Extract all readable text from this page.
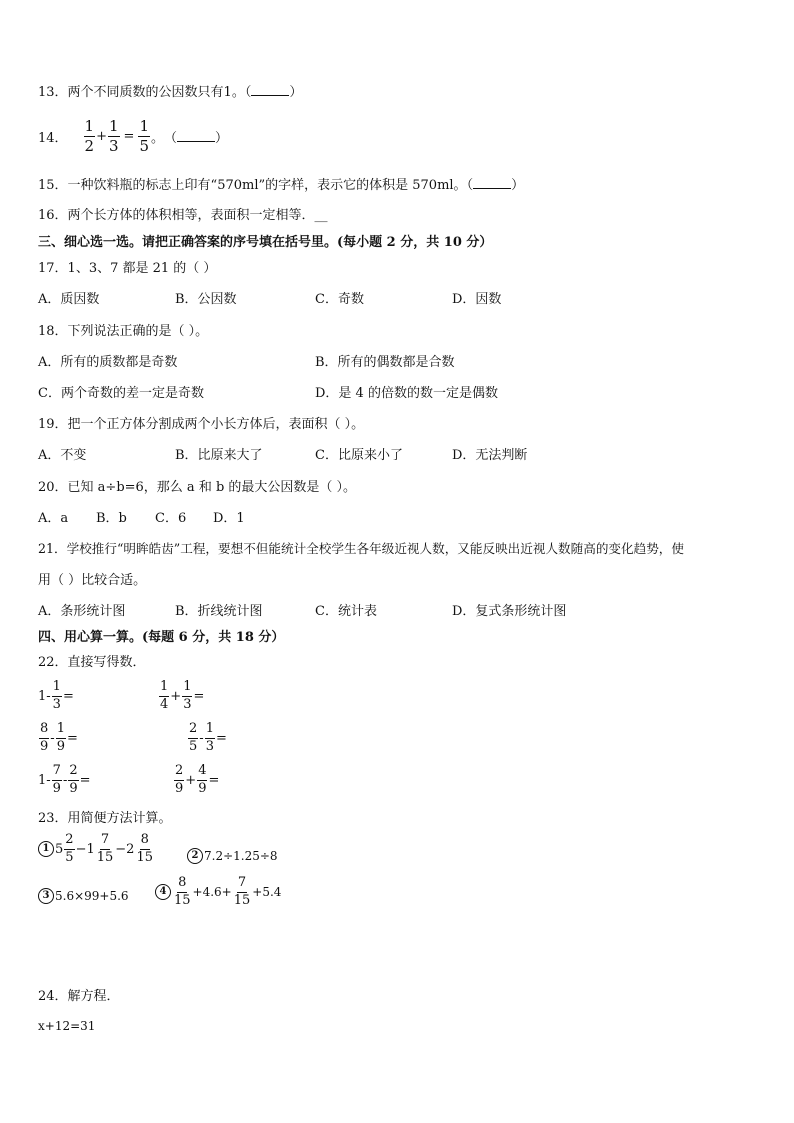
13．两个不同质数的公因数只有1。（	）
14． $\frac{1}{2} + \frac{1}{3} = \frac{1}{5}$ 。 （	）
15．一种饮料瓶的标志上印有“570ml”的字样，表示它的体积是 570ml。（	）
16．两个长方体的体积相等，表面积一定相等．__
三、细心选一选。请把正确答案的序号填在括号里。(每小题 2 分，共 10 分）
17．1、3、7 都是 21 的（ ）
A．质因数	B．公因数	C．奇数	D．因数
18．下列说法正确的是（ ）。
A．所有的质数都是奇数	B．所有的偶数都是合数
C．两个奇数的差一定是奇数	D．是 4 的倍数的数一定是偶数
19．把一个正方体分割成两个小长方体后，表面积（ ）。
A．不变	B．比原来大了	C．比原来小了	D．无法判断
20．已知 a÷b=6，那么 a 和 b 的最大公因数是（ ）。
A．a B．b C．6 D．1
21．学校推行“明眸皓齿”工程，要想不但能统计全校学生各年级近视人数，又能反映出近视人数随高的变化趋势，使
用（ ）比较合适。
A．条形统计图	B．折线统计图	C．统计表	D．复式条形统计图
四、用心算一算。(每题 6 分，共 18 分）
22．直接写得数．
$1- \frac{1}{3}$ =	$\frac{1}{4} + \frac{1}{3}$ =
$\frac{8}{9} - \frac{1}{9}$ =	$\frac{2}{5} - \frac{1}{3}$ =
$1- \frac{7}{9} - \frac{2}{9}$ =	$\frac{2}{9} + \frac{4}{9}$ =
23．用简便方法计算。
1 $5 \frac{2}{5} -1 \frac{7}{15} -2 \frac{8}{15}$	2 7.2÷1.25÷8
3 5.6×99+5.6	$4 \frac{8}{15} +4.6+ \frac{7}{15} +5.4$
24．解方程．
x+12=31
